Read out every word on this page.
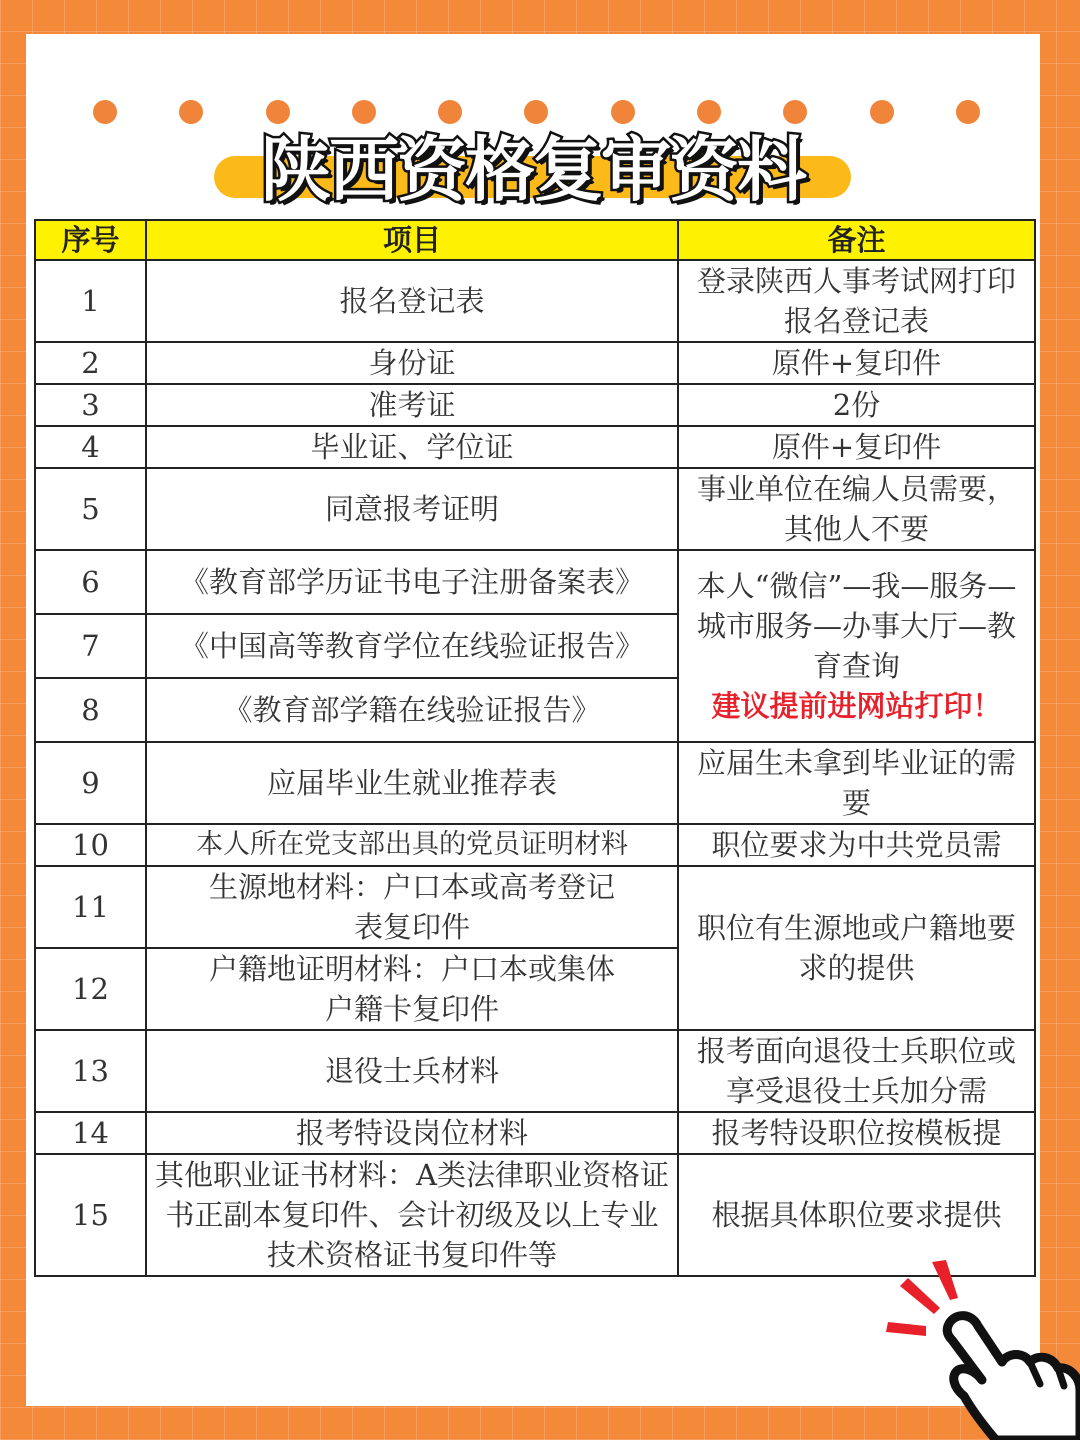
陕西资格复审资料
序号	项目	备注
1	报名登记表	登录陕西人事考试网打印报名登记表
2	身份证	原件+复印件
3	准考证	2份
4	毕业证、学位证	原件+复印件
5	同意报考证明	事业单位在编人员需要，其他人不要
6	《教育部学历证书电子注册备案表》	本人“微信”—我—服务—城市服务—办事大厅—教育查询
建议提前进网站打印！

7	《中国高等教育学位在线验证报告》	
8	《教育部学籍在线验证报告》	
9	应届毕业生就业推荐表	应届生未拿到毕业证的需要
10	本人所在党支部出具的党员证明材料	职位要求为中共党员需
11	生源地材料：户口本或高考登记表复印件	职位有生源地或户籍地要求的提供
12	户籍地证明材料：户口本或集体户籍卡复印件	
13	退役士兵材料	报考面向退役士兵职位或享受退役士兵加分需
14	报考特设岗位材料	报考特设职位按模板提
15	其他职业证书材料：A类法律职业资格证书正副本复印件、会计初级及以上专业技术资格证书复印件等	根据具体职位要求提供
